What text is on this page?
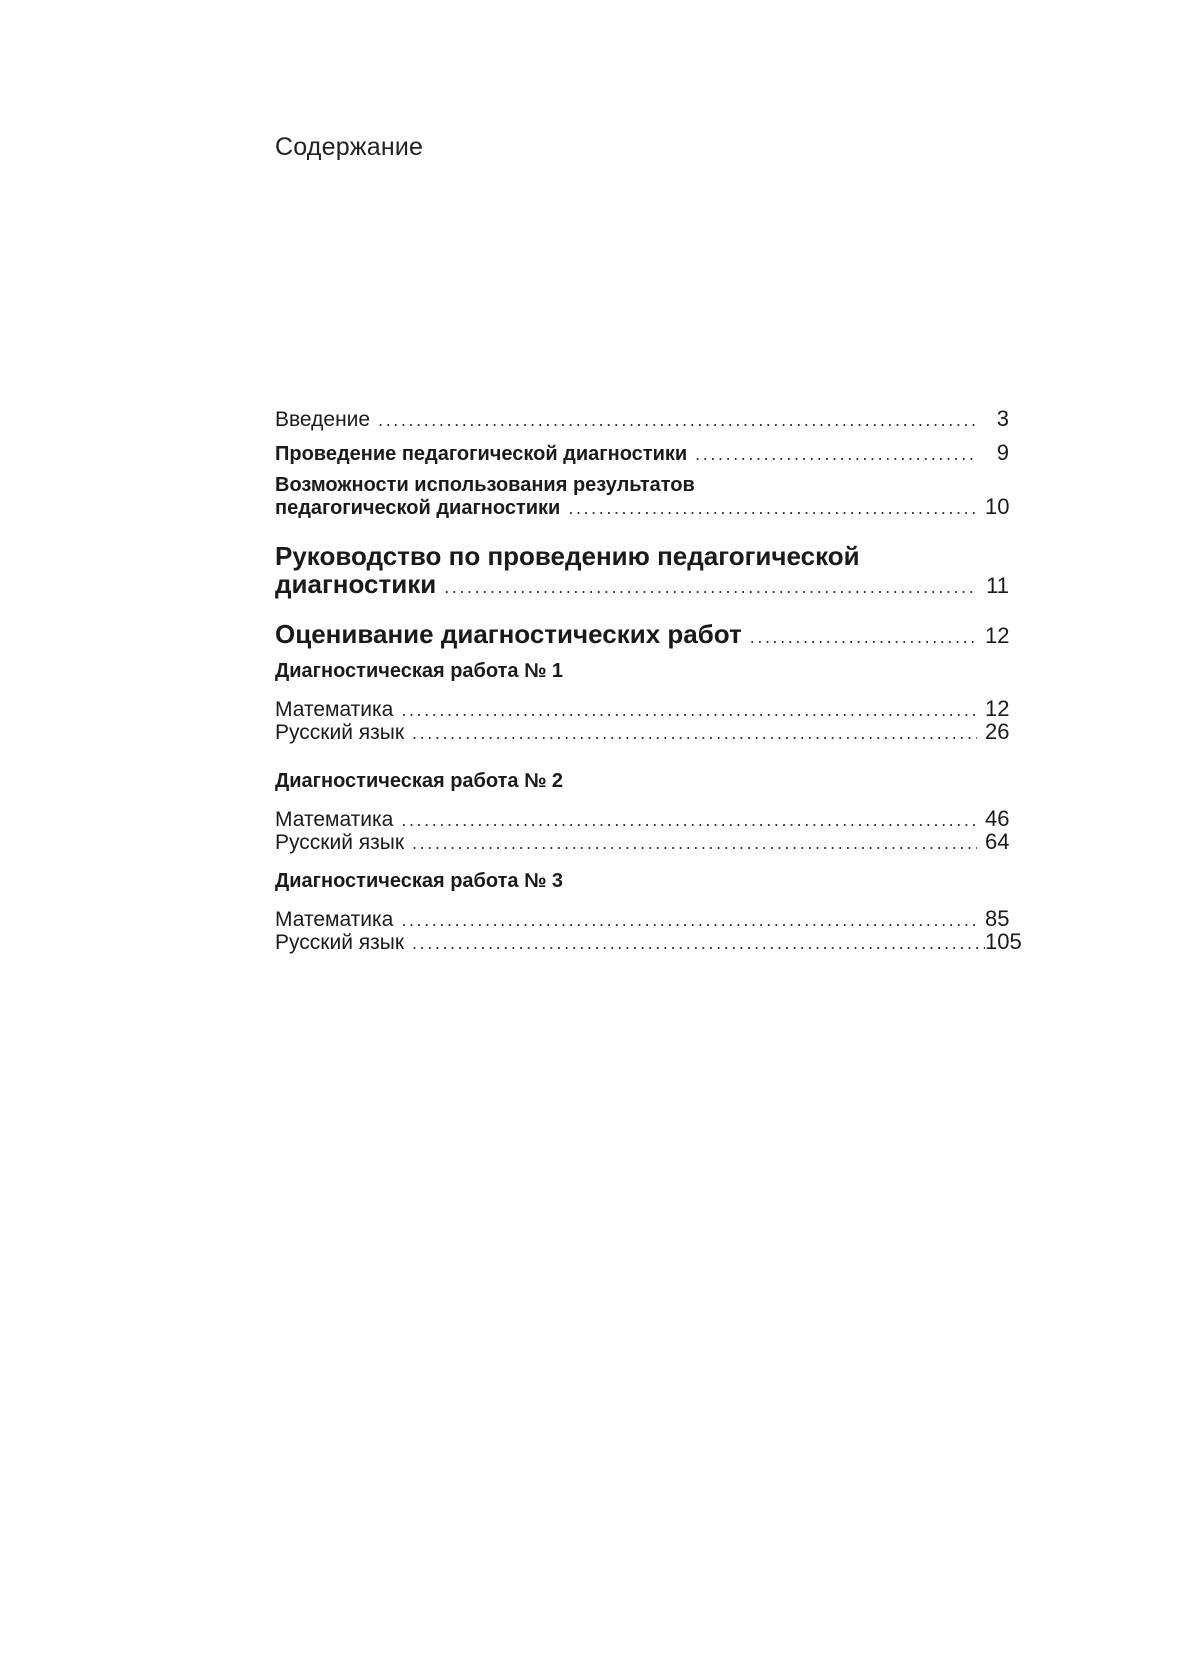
Содержание
Введение . . .	3
Проведение педагогической диагностики . . .	9
Возможности использования результатов
педагогической диагностики . . .	10
Руководство по проведению педагогической
диагностики . . .	11
Оценивание диагностических работ . . .	12
Диагностическая работа № 1
Математика . . .	12
Русский язык . . .	26
Диагностическая работа № 2
Математика . . .	46
Русский язык . . .	64
Диагностическая работа № 3
Математика . . .	85
Русский язык . . .	105
